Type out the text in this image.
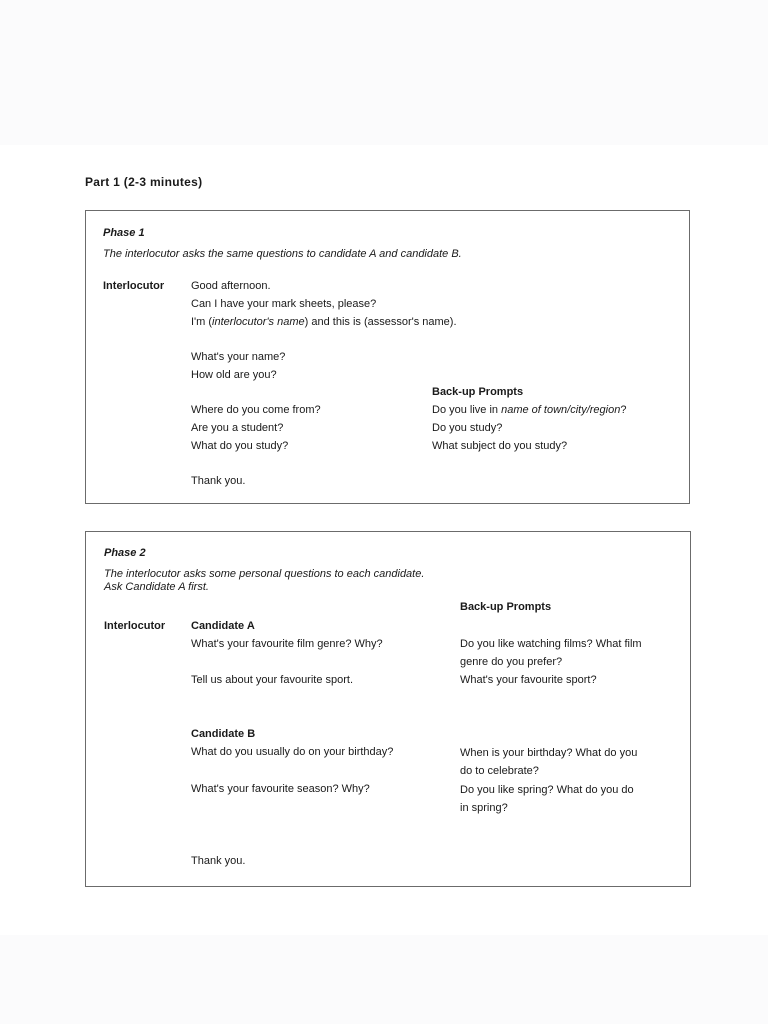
Part 1 (2-3 minutes)
Phase 1
The interlocutor asks the same questions to candidate A and candidate B.
Interlocutor Good afternoon.
Can I have your mark sheets, please?
I'm (interlocutor's name) and this is (assessor's name).
What's your name?
How old are you?
Back-up Prompts
Where do you come from?
Are you a student?
What do you study?
Do you live in name of town/city/region?
Do you study?
What subject do you study?
Thank you.
Phase 2
The interlocutor asks some personal questions to each candidate.
Ask Candidate A first.
Back-up Prompts
Interlocutor Candidate A
What's your favourite film genre? Why?
Tell us about your favourite sport.
Do you like watching films? What film
genre do you prefer?
What's your favourite sport?
Candidate B
What do you usually do on your birthday?
What's your favourite season? Why?
When is your birthday? What do you
do to celebrate?
Do you like spring? What do you do
in spring?
Thank you.
